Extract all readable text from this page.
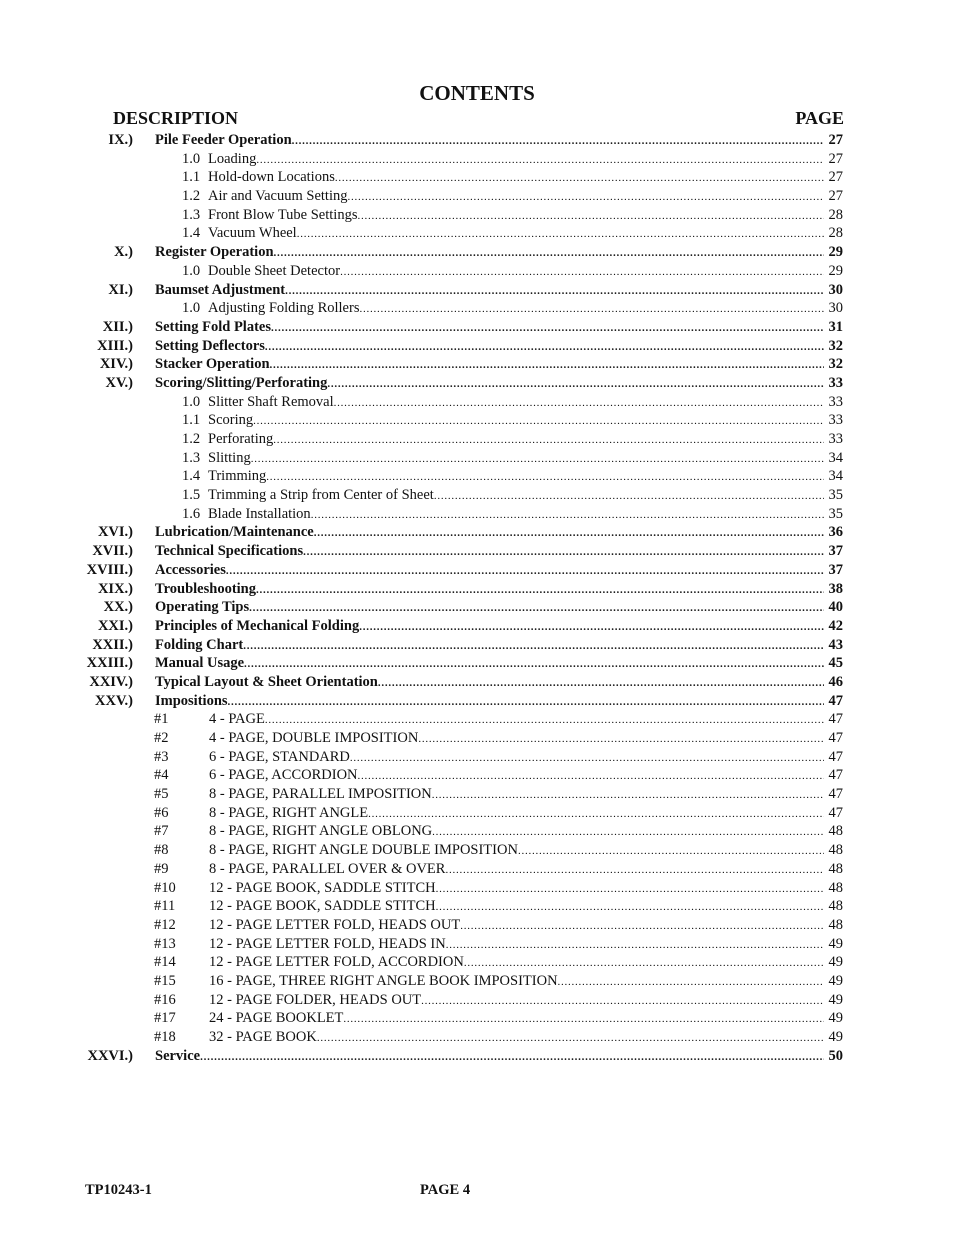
CONTENTS
DESCRIPTION	PAGE
IX.) Pile Feeder Operation . . .	27
1.0 Loading . . .	27
1.1 Hold-down Locations . . .	27
1.2 Air and Vacuum Setting . . .	27
1.3 Front Blow Tube Settings . . .	28
1.4 Vacuum Wheel . . .	28
X.) Register Operation . . .	29
1.0 Double Sheet Detector . . .	29
XI.) Baumset Adjustment . . .	30
1.0 Adjusting Folding Rollers . . .	30
XII.) Setting Fold Plates . . .	31
XIII.) Setting Deflectors . . .	32
XIV.) Stacker Operation . . .	32
XV.) Scoring/Slitting/Perforating . . .	33
1.0 Slitter Shaft Removal . . .	33
1.1 Scoring . . .	33
1.2 Perforating . . .	33
1.3 Slitting . . .	34
1.4 Trimming . . .	34
1.5 Trimming a Strip from Center of Sheet . . .	35
1.6 Blade Installation . . .	35
XVI.) Lubrication/Maintenance . . .	36
XVII.) Technical Specifications . . .	37
XVIII.) Accessories . . .	37
XIX.) Troubleshooting . . .	38
XX.) Operating Tips . . .	40
XXI.) Principles of Mechanical Folding . . .	42
XXII.) Folding Chart . . .	43
XXIII.) Manual Usage . . .	45
XXIV.) Typical Layout & Sheet Orientation . . .	46
XXV.) Impositions . . .	47
#1	4 - PAGE . . .	47
#2	4 - PAGE, DOUBLE IMPOSITION . . .	47
#3	6 - PAGE, STANDARD . . .	47
#4	6 - PAGE, ACCORDION . . .	47
#5	8 - PAGE, PARALLEL IMPOSITION . . .	47
#6	8 - PAGE, RIGHT ANGLE . . .	47
#7	8 - PAGE, RIGHT ANGLE OBLONG . . .	48
#8	8 - PAGE, RIGHT ANGLE DOUBLE IMPOSITION . . .	48
#9	8 - PAGE, PARALLEL OVER & OVER . . .	48
#10 12 - PAGE BOOK, SADDLE STITCH . . .	48
#11 12 - PAGE BOOK, SADDLE STITCH . . .	48
#12 12 - PAGE LETTER FOLD, HEADS OUT . . .	48
#13 12 - PAGE LETTER FOLD, HEADS IN . . .	49
#14 12 - PAGE LETTER FOLD, ACCORDION . . .	49
#15 16 - PAGE, THREE RIGHT ANGLE BOOK IMPOSITION . . .	49
#16 12 - PAGE FOLDER, HEADS OUT . . .	49
#17 24 - PAGE BOOKLET . . .	49
#18 32 - PAGE BOOK . . .	49
XXVI.) Service . . .	50
TP10243-1	PAGE 4
